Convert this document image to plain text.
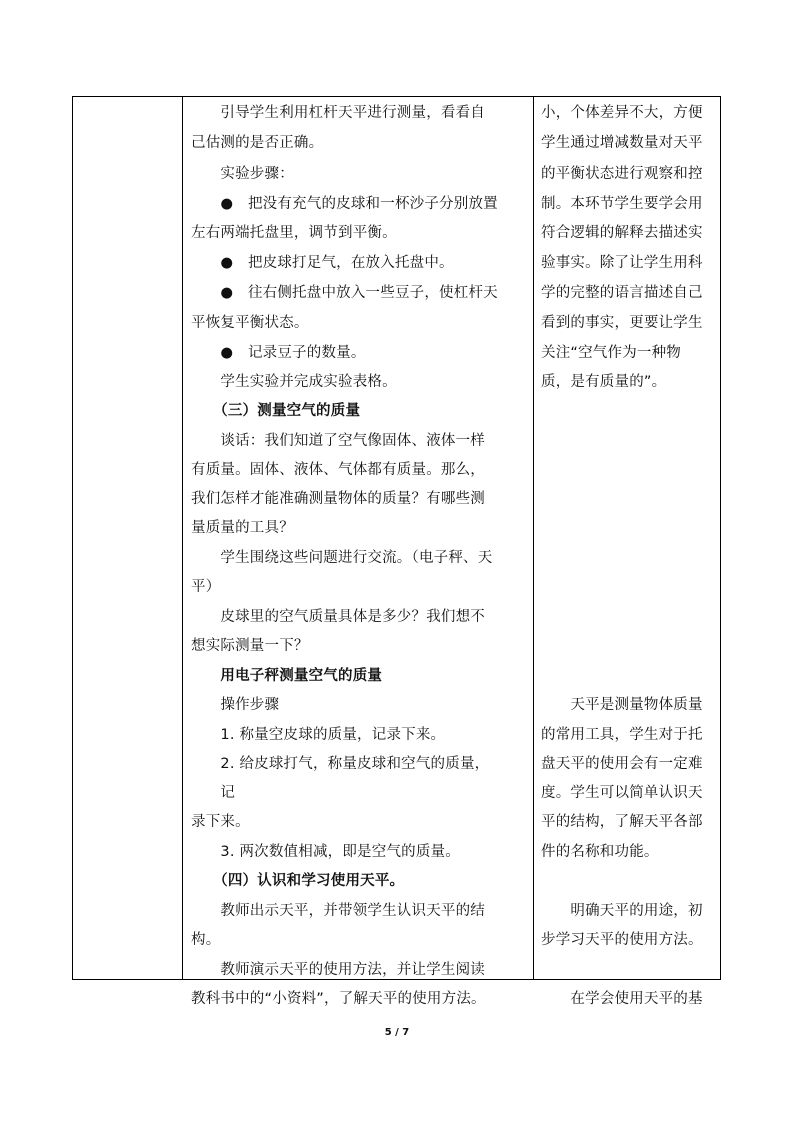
　　引导学生利用杠杆天平进行测量，看看自
己估测的是否正确。
　　实验步骤：
　　●　把没有充气的皮球和一杯沙子分别放置
左右两端托盘里，调节到平衡。
　　●　把皮球打足气，在放入托盘中。
　　●　往右侧托盘中放入一些豆子，使杠杆天
平恢复平衡状态。
　　●　记录豆子的数量。
　　学生实验并完成实验表格。
　　（三）测量空气的质量
　　谈话：我们知道了空气像固体、液体一样
有质量。固体、液体、气体都有质量。那么，
我们怎样才能准确测量物体的质量？有哪些测
量质量的工具？
　　学生围绕这些问题进行交流。（电子秤、天
平）
　　皮球里的空气质量具体是多少？我们想不
想实际测量一下？
　　用电子秤测量空气的质量
　　操作步骤
　　1. 称量空皮球的质量，记录下来。
　　2. 给皮球打气，称量皮球和空气的质量，
　　记
录下来。
　　3. 两次数值相减，即是空气的质量。
　　（四）认识和学习使用天平。
　　教师出示天平，并带领学生认识天平的结
构。
　　教师演示天平的使用方法，并让学生阅读
教科书中的“小资料”，了解天平的使用方法。
小，个体差异不大，方便
学生通过增减数量对天平
的平衡状态进行观察和控
制。本环节学生要学会用
符合逻辑的解释去描述实
验事实。除了让学生用科
学的完整的语言描述自己
看到的事实，更要让学生
关注“空气作为一种物
质，是有质量的”。
　　天平是测量物体质量
的常用工具，学生对于托
盘天平的使用会有一定难
度。学生可以简单认识天
平的结构，了解天平各部
件的名称和功能。
　　明确天平的用途，初
步学习天平的使用方法。
　　在学会使用天平的基
5 / 7
